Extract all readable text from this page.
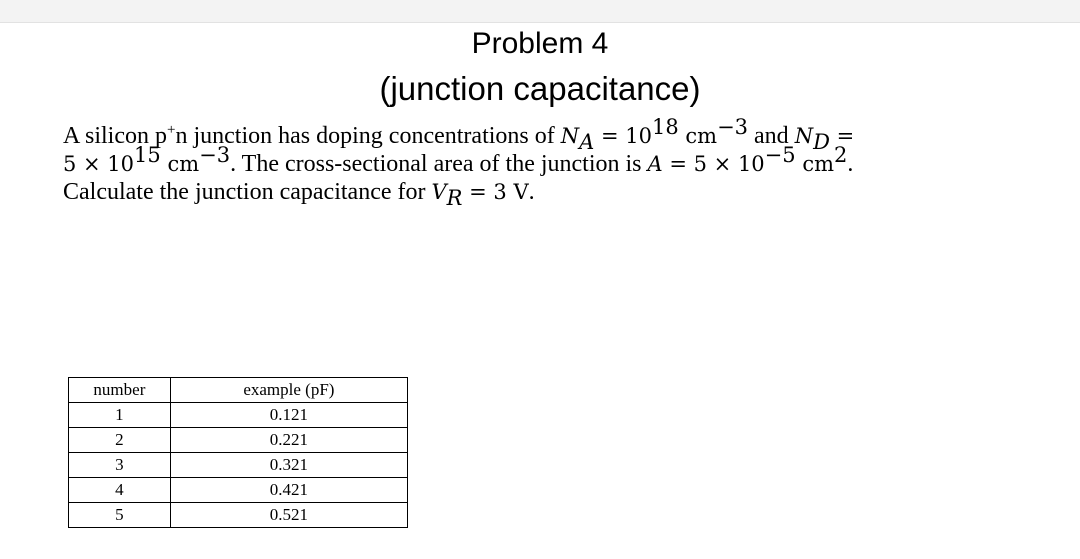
Problem 4
(junction capacitance)
A silicon p+n junction has doping concentrations of $N_A = 10^{18}$ $cm^{-3}$ and $N_D$ =
$5 \times 10^{15}$ $cm^{-3}$. The cross-sectional area of the junction is $A = 5 \times 10^{-5}$ $cm^2$.
Calculate the junction capacitance for $V_R = 3$ V.
number	example (pF)
1	0.121
2	0.221
3	0.321
4	0.421
5	0.521
